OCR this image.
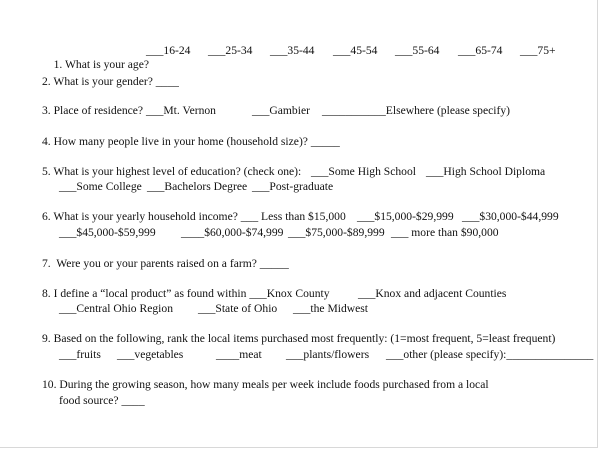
1. What is your age?

___16-24 ___25-34 ___35-44 ___45-54 ___55-64 ___65-74 ___75+
2. What is your gender? ____
3. Place of residence? ___Mt. Vernon	___Gambier ___________Elsewhere (please specify)
4. How many people live in your home (household size)? _____
5. What is your highest level of education? (check one): ___Some High School ___High School Diploma
___Some College ___Bachelors Degree ___Post-graduate
6. What is your yearly household income? ___ Less than $15,000 ___$15,000-$29,999 ___$30,000-$44,999
___$45,000-$59,999 ____$60,000-$74,999 ___$75,000-$89,999 ___ more than $90,000
7.  Were you or your parents raised on a farm? _____
8. I define a “local product” as found within ___Knox County ___Knox and adjacent Counties
___Central Ohio Region ___State of Ohio ___the Midwest
9. Based on the following, rank the local items purchased most frequently: (1=most frequent, 5=least frequent)
___fruits ___vegetables	____meat ___plants/flowers ___other (please specify):_______________
10. During the growing season, how many meals per week include foods purchased from a local
food source? ____
